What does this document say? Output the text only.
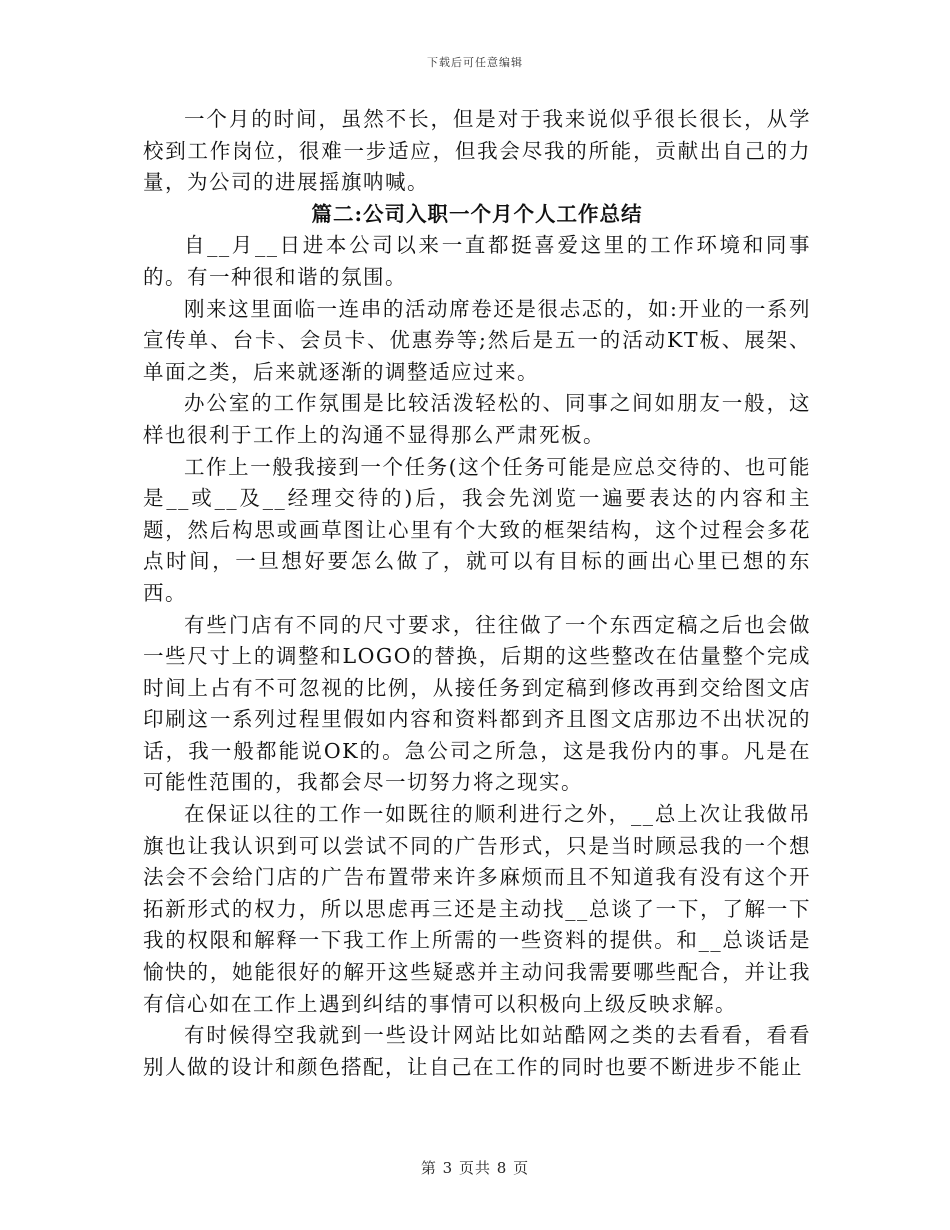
下载后可任意编辑

一个月的时间，虽然不长，但是对于我来说似乎很长很长，从学校到工作岗位，很难一步适应，但我会尽我的所能，贡献出自己的力量，为公司的进展摇旗呐喊。

篇二:公司入职一个月个人工作总结

自__月__日进本公司以来一直都挺喜爱这里的工作环境和同事的。有一种很和谐的氛围。

刚来这里面临一连串的活动席卷还是很忐忑的，如:开业的一系列宣传单、台卡、会员卡、优惠券等;然后是五一的活动KT板、展架、单面之类，后来就逐渐的调整适应过来。

办公室的工作氛围是比较活泼轻松的、同事之间如朋友一般，这样也很利于工作上的沟通不显得那么严肃死板。

工作上一般我接到一个任务(这个任务可能是应总交待的、也可能是__或__及__经理交待的)后，我会先浏览一遍要表达的内容和主题，然后构思或画草图让心里有个大致的框架结构，这个过程会多花点时间，一旦想好要怎么做了，就可以有目标的画出心里已想的东西。

有些门店有不同的尺寸要求，往往做了一个东西定稿之后也会做一些尺寸上的调整和LOGO的替换，后期的这些整改在估量整个完成时间上占有不可忽视的比例，从接任务到定稿到修改再到交给图文店印刷这一系列过程里假如内容和资料都到齐且图文店那边不出状况的话，我一般都能说OK的。急公司之所急，这是我份内的事。凡是在可能性范围的，我都会尽一切努力将之现实。

在保证以往的工作一如既往的顺利进行之外，__总上次让我做吊旗也让我认识到可以尝试不同的广告形式，只是当时顾忌我的一个想法会不会给门店的广告布置带来许多麻烦而且不知道我有没有这个开拓新形式的权力，所以思虑再三还是主动找__总谈了一下，了解一下我的权限和解释一下我工作上所需的一些资料的提供。和__总谈话是愉快的，她能很好的解开这些疑惑并主动问我需要哪些配合，并让我有信心如在工作上遇到纠结的事情可以积极向上级反映求解。

有时候得空我就到一些设计网站比如站酷网之类的去看看，看看别人做的设计和颜色搭配，让自己在工作的同时也要不断进步不能止

第 3 页共 8 页
